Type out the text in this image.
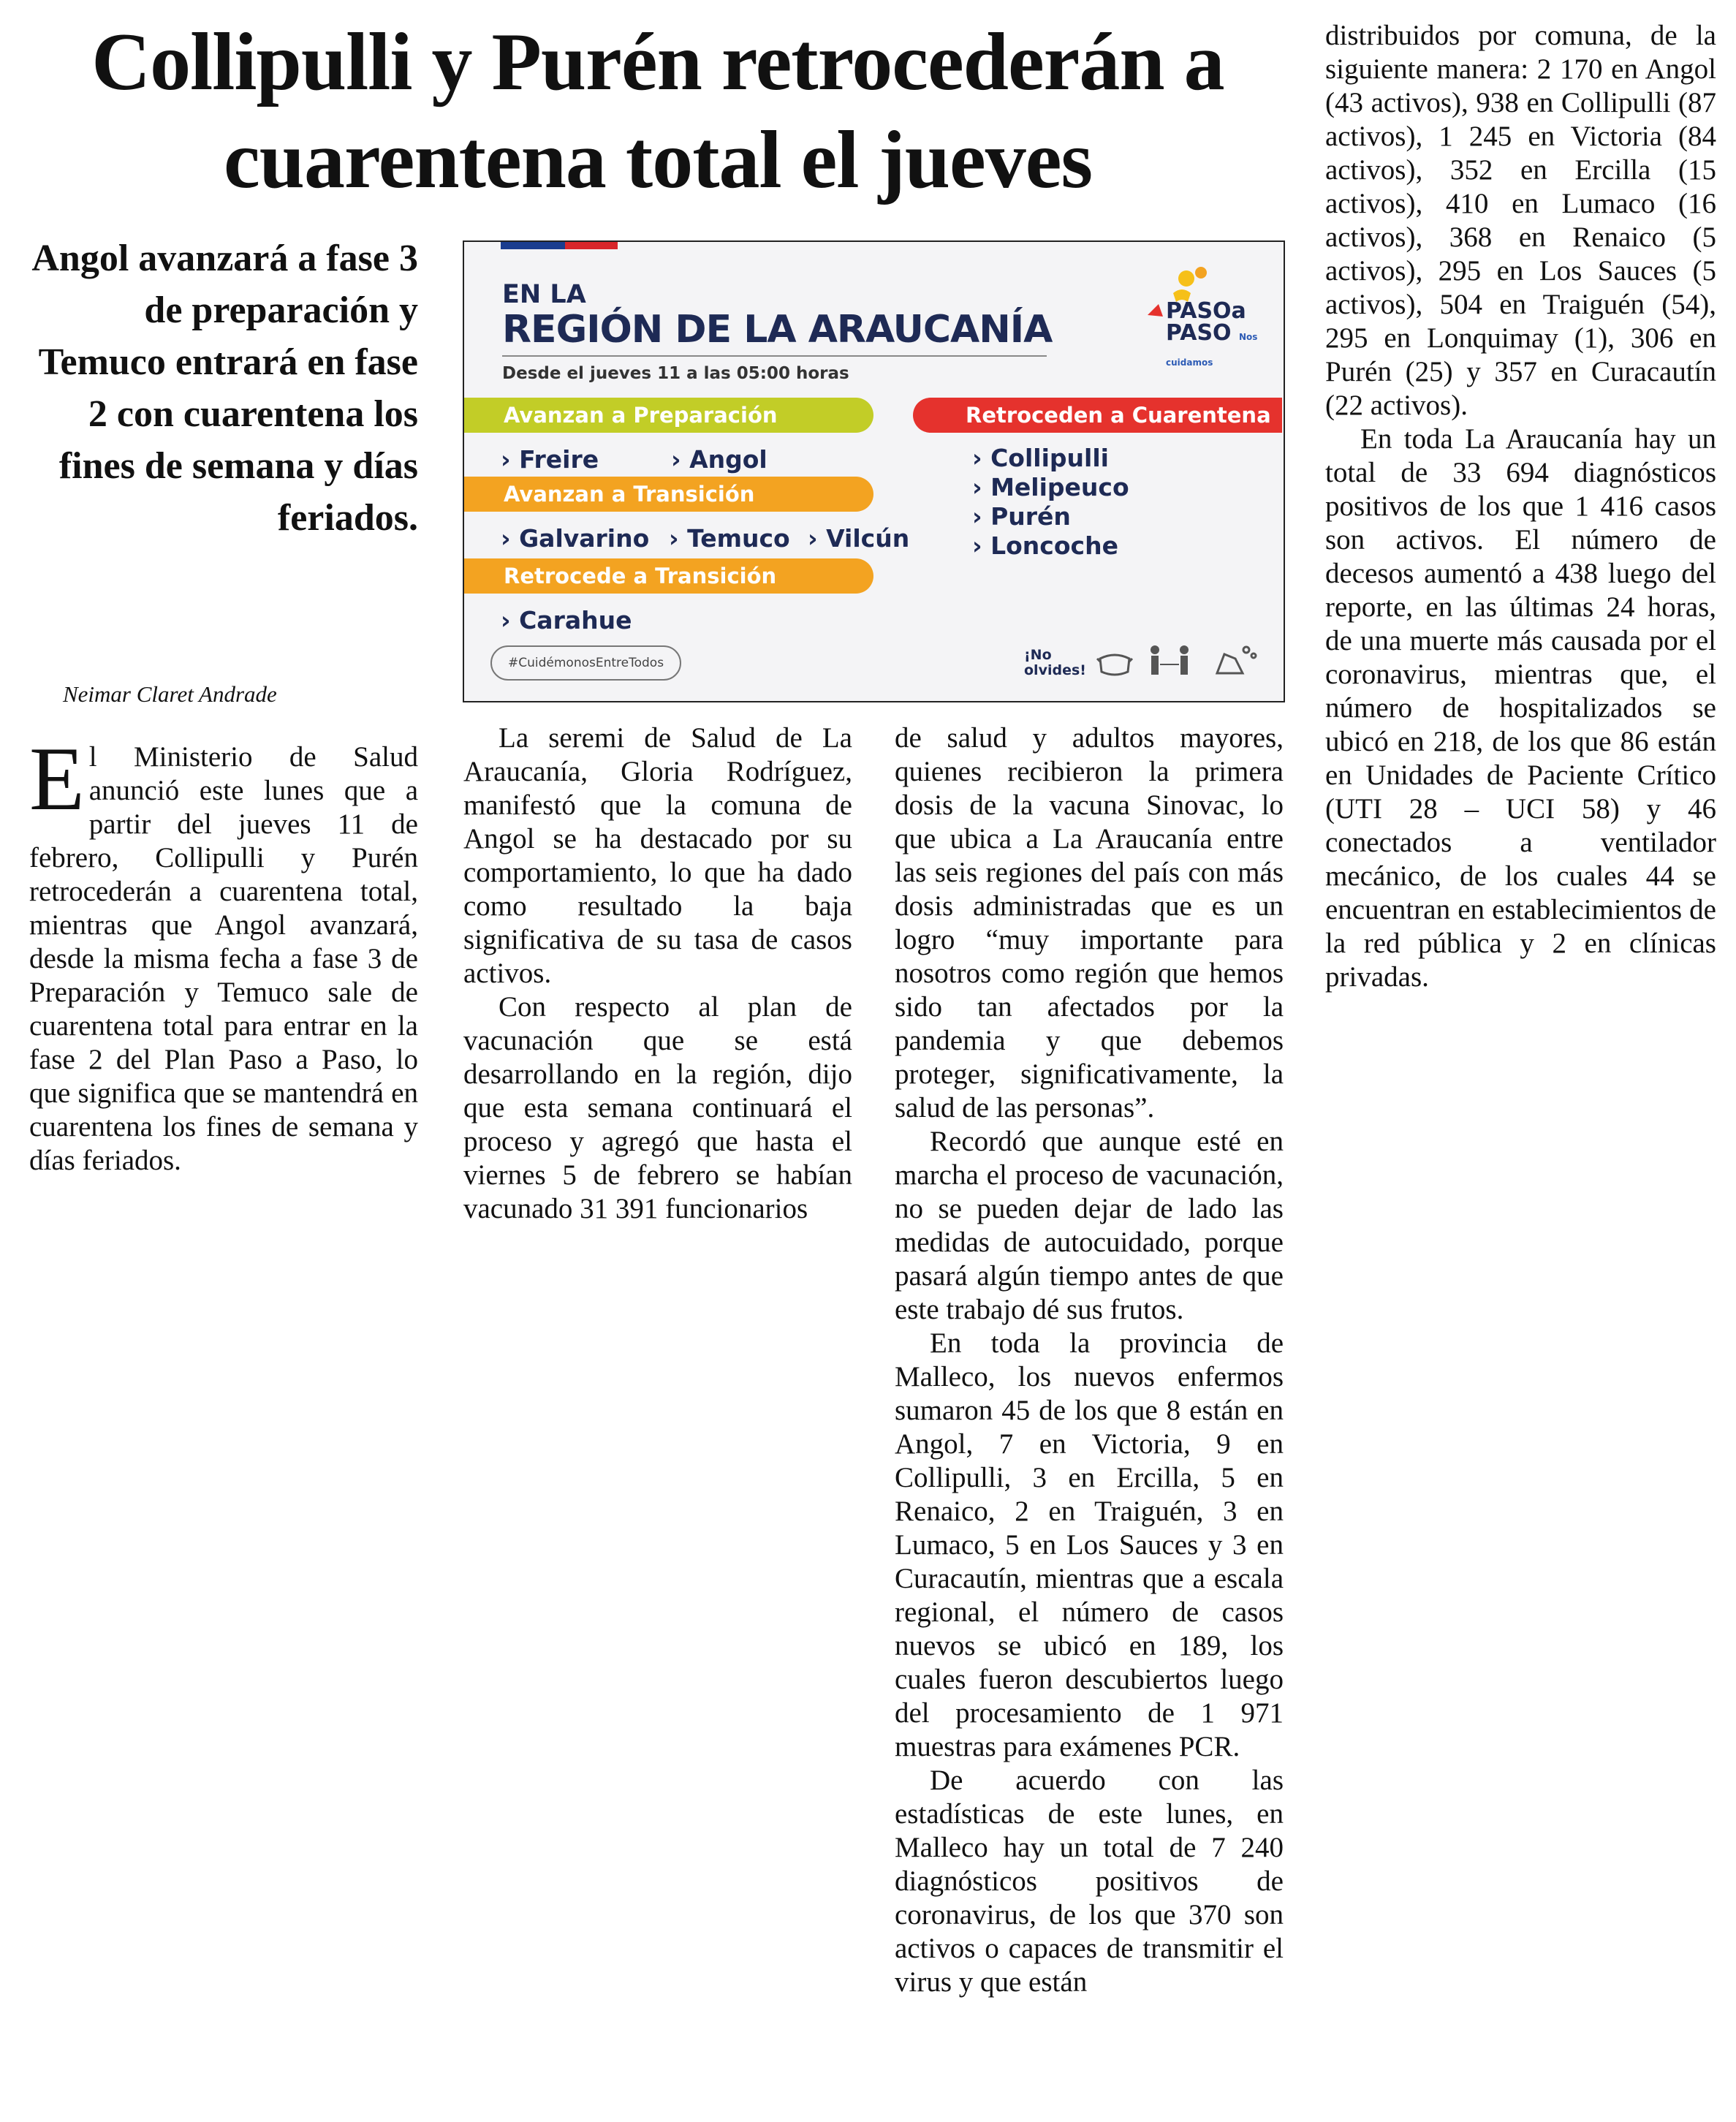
Collipulli y Purén retrocederán a cuarentena total el jueves
Angol avanzará a fase 3 de preparación y Temuco entrará en fase 2 con cuarentena los fines de semana y días feriados.
Neimar Claret Andrade

El Ministerio de Salud anunció este lunes que a partir del jueves 11 de febrero, Collipulli y Purén retrocederán a cuarentena total, mientras que Angol avanzará, desde la misma fecha a fase 3 de Preparación y Temuco sale de cuarentena total para entrar en la fase 2 del Plan Paso a Paso, lo que significa que se mantendrá en cuarentena los fines de semana y días feriados.

EN LA
REGIÓN DE LA ARAUCANÍA
Desde el jueves 11 a las 05:00 horas
PASOa
PASO Nos cuidamos
Avanzan a Preparación
› Freire	› Angol
Avanzan a Transición
› Galvarino › Temuco › Vilcún
Retrocede a Transición
› Carahue
Retroceden a Cuarentena
› Collipulli
› Melipeuco
› Purén
› Loncoche
#CuidémonosEntreTodos	¡No
olvides!

La seremi de Salud de La Araucanía, Gloria Rodríguez, manifestó que la comuna de Angol se ha destacado por su comportamiento, lo que ha dado como resultado la baja significativa de su tasa de casos activos.

Con respecto al plan de vacunación que se está desarrollando en la región, dijo que esta semana continuará el proceso y agregó que hasta el viernes 5 de febrero se habían vacunado 31 391 funcionarios

de salud y adultos mayores, quienes recibieron la primera dosis de la vacuna Sinovac, lo que ubica a La Araucanía entre las seis regiones del país con más dosis administradas que es un logro “muy importante para nosotros como región que hemos sido tan afectados por la pandemia y que debemos proteger, significativamente, la salud de las personas”.

Recordó que aunque esté en marcha el proceso de vacunación, no se pueden dejar de lado las medidas de autocuidado, porque pasará algún tiempo antes de que este trabajo dé sus frutos.

En toda la provincia de Malleco, los nuevos enfermos sumaron 45 de los que 8 están en Angol, 7 en Victoria, 9 en Collipulli, 3 en Ercilla, 5 en Renaico, 2 en Traiguén, 3 en Lumaco, 5 en Los Sauces y 3 en Curacautín, mientras que a escala regional, el número de casos nuevos se ubicó en 189, los cuales fueron descubiertos luego del procesamiento de 1 971 muestras para exámenes PCR.

De acuerdo con las estadísticas de este lunes, en Malleco hay un total de 7 240 diagnósticos positivos de coronavirus, de los que 370 son activos o capaces de transmitir el virus y que están

distribuidos por comuna, de la siguiente manera: 2 170 en Angol (43 activos), 938 en Collipulli (87 activos), 1 245 en Victoria (84 activos), 352 en Ercilla (15 activos), 410 en Lumaco (16 activos), 368 en Renaico (5 activos), 295 en Los Sauces (5 activos), 504 en Traiguén (54), 295 en Lonquimay (1), 306 en Purén (25) y 357 en Curacautín (22 activos).

En toda La Araucanía hay un total de 33 694 diagnósticos positivos de los que 1 416 casos son activos. El número de decesos aumentó a 438 luego del reporte, en las últimas 24 horas, de una muerte más causada por el coronavirus, mientras que, el número de hospitalizados se ubicó en 218, de los que 86 están en Unidades de Paciente Crítico (UTI 28 – UCI 58) y 46 conectados a ventilador mecánico, de los cuales 44 se encuentran en establecimientos de la red pública y 2 en clínicas privadas.
